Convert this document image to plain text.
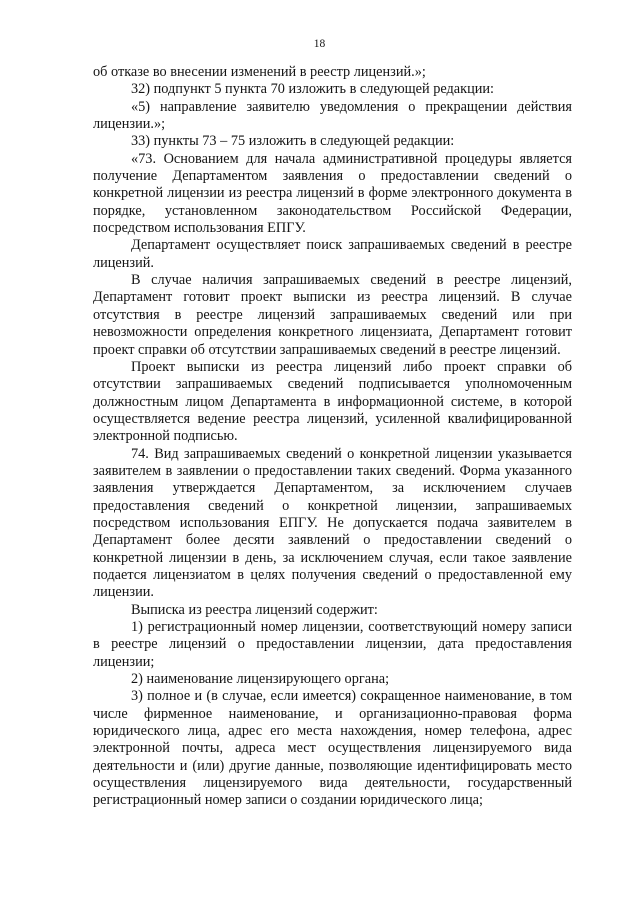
18

об отказе во внесении изменений в реестр лицензий.»;

32) подпункт 5 пункта 70 изложить в следующей редакции:

«5) направление заявителю уведомления о прекращении действия лицензии.»;

33) пункты 73 – 75 изложить в следующей редакции:

«73. Основанием для начала административной процедуры является получение Департаментом заявления о предоставлении сведений о конкретной лицензии из реестра лицензий в форме электронного документа в порядке, установленном законодательством Российской Федерации, посредством использования ЕПГУ.

Департамент осуществляет поиск запрашиваемых сведений в реестре лицензий.

В случае наличия запрашиваемых сведений в реестре лицензий, Департамент готовит проект выписки из реестра лицензий. В случае отсутствия в реестре лицензий запрашиваемых сведений или при невозможности определения конкретного лицензиата, Департамент готовит проект справки об отсутствии запрашиваемых сведений в реестре лицензий.

Проект выписки из реестра лицензий либо проект справки об отсутствии запрашиваемых сведений подписывается уполномоченным должностным лицом Департамента в информационной системе, в которой осуществляется ведение реестра лицензий, усиленной квалифицированной электронной подписью.

74. Вид запрашиваемых сведений о конкретной лицензии указывается заявителем в заявлении о предоставлении таких сведений. Форма указанного заявления утверждается Департаментом, за исключением случаев предоставления сведений о конкретной лицензии, запрашиваемых посредством использования ЕПГУ. Не допускается подача заявителем в Департамент более десяти заявлений о предоставлении сведений о конкретной лицензии в день, за исключением случая, если такое заявление подается лицензиатом в целях получения сведений о предоставленной ему лицензии.

Выписка из реестра лицензий содержит:

1) регистрационный номер лицензии, соответствующий номеру записи в реестре лицензий о предоставлении лицензии, дата предоставления лицензии;

2) наименование лицензирующего органа;

3) полное и (в случае, если имеется) сокращенное наименование, в том числе фирменное наименование, и организационно-правовая форма юридического лица, адрес его места нахождения, номер телефона, адрес электронной почты, адреса мест осуществления лицензируемого вида деятельности и (или) другие данные, позволяющие идентифицировать место осуществления лицензируемого вида деятельности, государственный регистрационный номер записи о создании юридического лица;
